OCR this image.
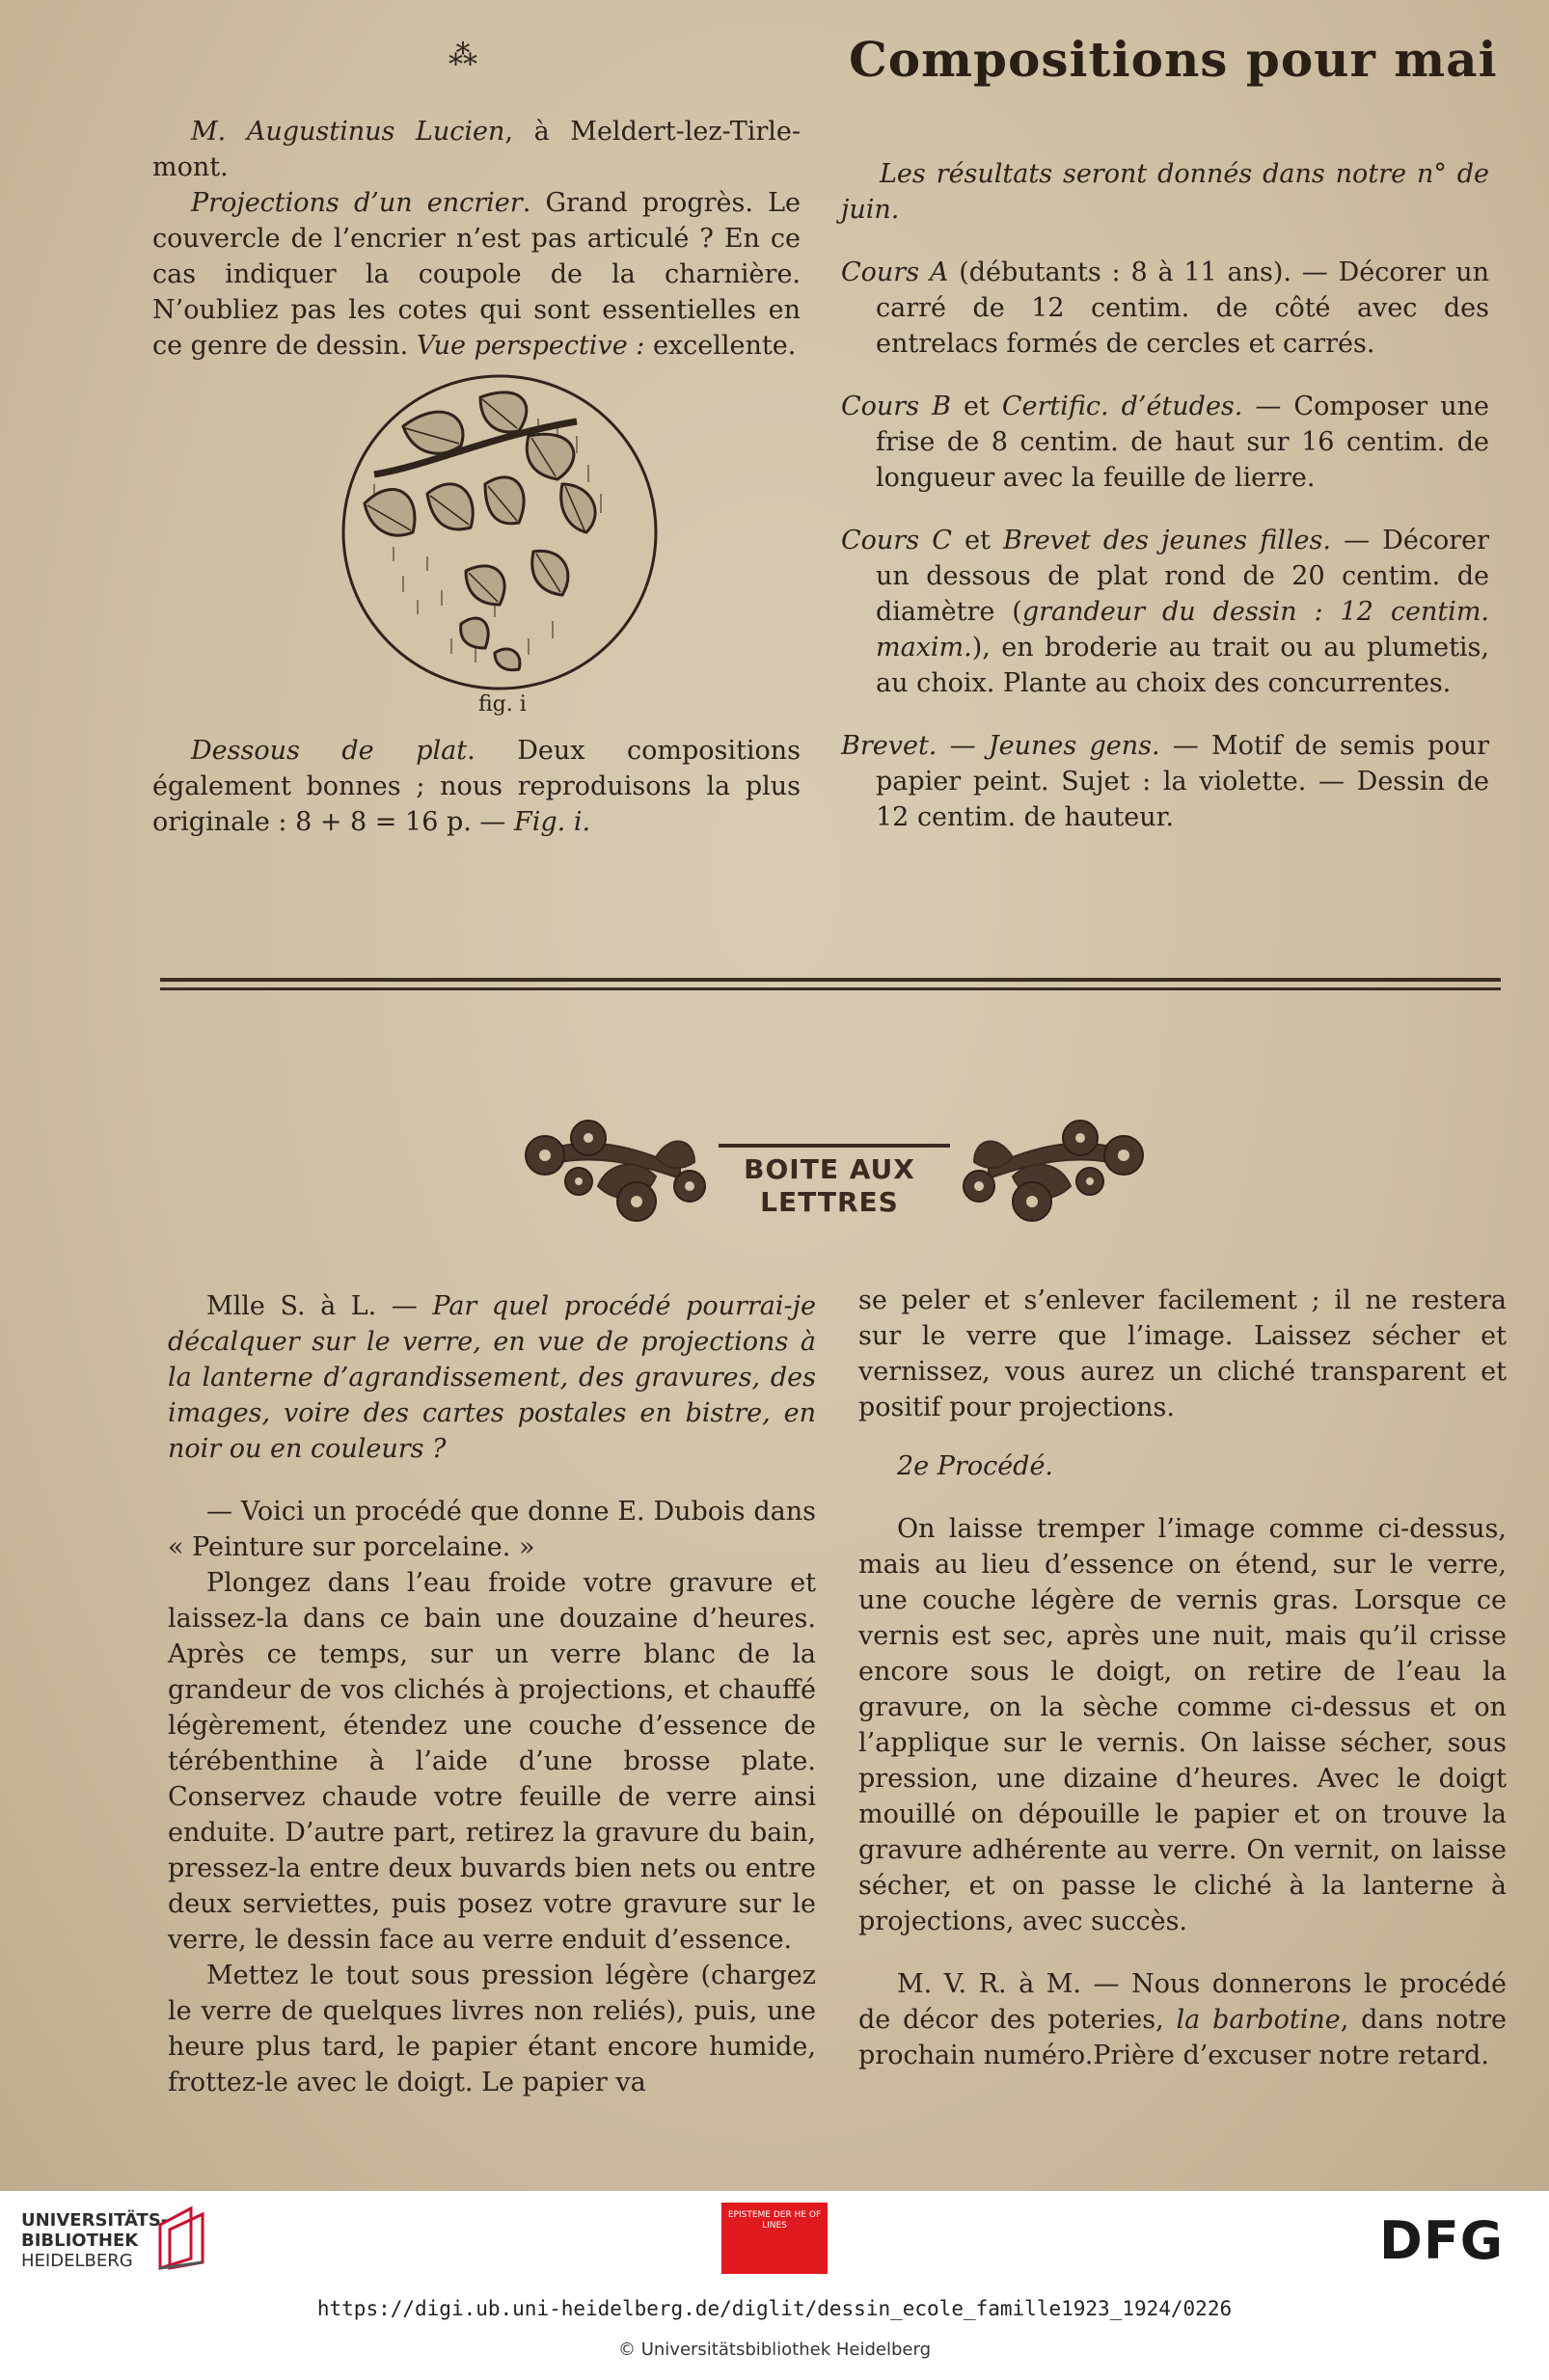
⁂

M. Augustinus Lucien, à Meldert-lez-Tirle-mont.

Projections d’un encrier. Grand progrès. Le couvercle de l’encrier n’est pas articulé ? En ce cas indiquer la coupole de la charnière. N’oubliez pas les cotes qui sont essentielles en ce genre de dessin. Vue perspective : excellente.

fig. i

Dessous de plat. Deux compositions également bonnes ; nous reproduisons la plus originale : 8 + 8 = 16 p. — Fig. i.

Compositions pour mai

Les résultats seront donnés dans notre n° de juin.

Cours A (débutants : 8 à 11 ans). — Décorer un carré de 12 centim. de côté avec des entrelacs formés de cercles et carrés.

Cours B et Certific. d’études. — Composer une frise de 8 centim. de haut sur 16 centim. de longueur avec la feuille de lierre.

Cours C et Brevet des jeunes filles. — Décorer un dessous de plat rond de 20 centim. de diamètre (grandeur du dessin : 12 centim. maxim.), en broderie au trait ou au plumetis, au choix. Plante au choix des concurrentes.

Brevet. — Jeunes gens. — Motif de semis pour papier peint. Sujet : la violette. — Dessin de 12 centim. de hauteur.

BOITE AUX
LETTRES

Mlle S. à L. — Par quel procédé pourrai-je décalquer sur le verre, en vue de projections à la lanterne d’agrandissement, des gravures, des images, voire des cartes postales en bistre, en noir ou en couleurs ?

— Voici un procédé que donne E. Dubois dans « Peinture sur porcelaine. »

Plongez dans l’eau froide votre gravure et laissez-la dans ce bain une douzaine d’heures. Après ce temps, sur un verre blanc de la grandeur de vos clichés à projections, et chauffé légèrement, étendez une couche d’essence de térébenthine à l’aide d’une brosse plate. Conservez chaude votre feuille de verre ainsi enduite. D’autre part, retirez la gravure du bain, pressez-la entre deux buvards bien nets ou entre deux serviettes, puis posez votre gravure sur le verre, le dessin face au verre enduit d’essence.

Mettez le tout sous pression légère (chargez le verre de quelques livres non reliés), puis, une heure plus tard, le papier étant encore humide, frottez-le avec le doigt. Le papier va

se peler et s’enlever facilement ; il ne restera sur le verre que l’image. Laissez sécher et vernissez, vous aurez un cliché transparent et positif pour projections.

2e Procédé.

On laisse tremper l’image comme ci-dessus, mais au lieu d’essence on étend, sur le verre, une couche légère de vernis gras. Lorsque ce vernis est sec, après une nuit, mais qu’il crisse encore sous le doigt, on retire de l’eau la gravure, on la sèche comme ci-dessus et on l’applique sur le vernis. On laisse sécher, sous pression, une dizaine d’heures. Avec le doigt mouillé on dépouille le papier et on trouve la gravure adhérente au verre. On vernit, on laisse sécher, et on passe le cliché à la lanterne à projections, avec succès.

M. V. R. à M. — Nous donnerons le procédé de décor des poteries, la barbotine, dans notre prochain numéro.Prière d’excuser notre retard.

UNIVERSITÄTS-
BIBLIOTHEK
HEIDELBERG
EPISTEME DER HE OF LINES	DFG
https://digi.ub.uni-heidelberg.de/diglit/dessin_ecole_famille1923_1924/0226
© Universitätsbibliothek Heidelberg
